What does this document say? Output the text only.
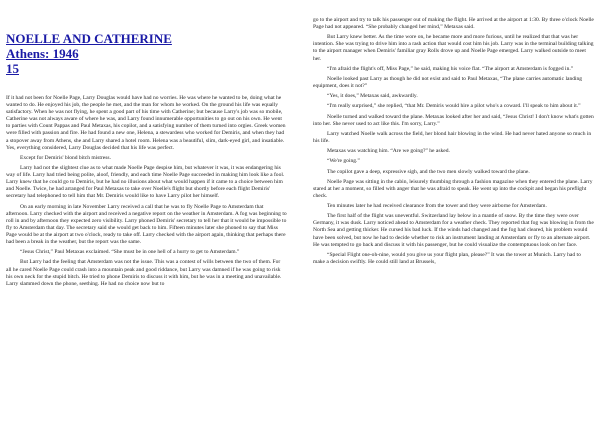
NOELLE AND CATHERINE
Athens: 1946
15

If it had not been for Noelle Page, Larry Douglas would have had no worries. He was where he wanted to be, doing what he wanted to do. He enjoyed his job, the people he met, and the man for whom he worked. On the ground his life was equally satisfactory. When he was not flying, he spent a good part of his time with Catherine; but because Larry's job was so mobile, Catherine was not always aware of where he was, and Larry found innumerable opportunities to go out on his own. He went to parties with Count Pappas and Paul Metaxas, his copilot, and a satisfying number of them turned into orgies. Greek women were filled with passion and fire. He had found a new one, Helena, a stewardess who worked for Demiris, and when they had a stopover away from Athens, she and Larry shared a hotel room. Helena was a beautiful, slim, dark-eyed girl, and insatiable. Yes, everything considered, Larry Douglas decided that his life was perfect.

Except for Demiris' blond bitch mistress.

Larry had not the slightest clue as to what made Noelle Page despise him, but whatever it was, it was endangering his way of life. Larry had tried being polite, aloof, friendly, and each time Noelle Page succeeded in making him look like a fool. Larry knew that he could go to Demiris, but he had no illusions about what would happen if it came to a choice between him and Noelle. Twice, he had arranged for Paul Metaxas to take over Noelle's flight but shortly before each flight Demiris' secretary had telephoned to tell him that Mr. Demiris would like to have Larry pilot her himself.

On an early morning in late November Larry received a call that he was to fly Noelle Page to Amsterdam that afternoon. Larry checked with the airport and received a negative report on the weather in Amsterdam. A fog was beginning to roll in and by afternoon they expected zero visibility. Larry phoned Demiris' secretary to tell her that it would be impossible to fly to Amsterdam that day. The secretary said she would get back to him. Fifteen minutes later she phoned to say that Miss Page would be at the airport at two o'clock, ready to take off. Larry checked with the airport again, thinking that perhaps there had been a break in the weather, but the report was the same.

“Jesus Christ,” Paul Metaxas exclaimed. “She must be in one hell of a hurry to get to Amsterdam.”

But Larry had the feeling that Amsterdam was not the issue. This was a contest of wills between the two of them. For all he cared Noelle Page could crash into a mountain peak and good riddance, but Larry was damned if he was going to risk his own neck for the stupid bitch. He tried to phone Demiris to discuss it with him, but he was in a meeting and unavailable. Larry slammed down the phone, seething. He had no choice now but to

go to the airport and try to talk his passenger out of making the flight. He arrived at the airport at 1:30. By three o'clock Noelle Page had not appeared. “She probably changed her mind,” Metaxas said.

But Larry knew better. As the time wore on, he became more and more furious, until he realized that that was her intention. She was trying to drive him into a rash action that would cost him his job. Larry was in the terminal building talking to the airport manager when Demiris' familiar gray Rolls drove up and Noelle Page emerged. Larry walked outside to meet her.

“I'm afraid the flight's off, Miss Page,” he said, making his voice flat. “The airport at Amsterdam is fogged in.”

Noelle looked past Larry as though he did not exist and said to Paul Metaxas, “The plane carries automatic landing equipment, does it not?”

“Yes, it does,” Metaxas said, awkwardly.

“I'm really surprised,” she replied, “that Mr. Demiris would hire a pilot who's a coward. I'll speak to him about it.”

Noelle turned and walked toward the plane. Metaxas looked after her and said, “Jesus Christ! I don't know what's gotten into her. She never used to act like this. I'm sorry, Larry.”

Larry watched Noelle walk across the field, her blond hair blowing in the wind. He had never hated anyone so much in his life.

Metaxas was watching him. “Are we going?” he asked.

“We're going.”

The copilot gave a deep, expressive sigh, and the two men slowly walked toward the plane.

Noelle Page was sitting in the cabin, leisurely thumbing through a fashion magazine when they entered the plane. Larry stared at her a moment, so filled with anger that he was afraid to speak. He went up into the cockpit and began his preflight check.

Ten minutes later he had received clearance from the tower and they were airborne for Amsterdam.

The first half of the flight was uneventful. Switzerland lay below in a mantle of snow. By the time they were over Germany, it was dusk. Larry noticed ahead to Amsterdam for a weather check. They reported that fog was blowing in from the North Sea and getting thicker. He cursed his bad luck. If the winds had changed and the fog had cleared, his problem would have been solved, but now he had to decide whether to risk an instrument landing at Amsterdam or fly to an alternate airport. He was tempted to go back and discuss it with his passenger, but he could visualize the contemptuous look on her face.

“Special Flight one-oh-nine, would you give us your flight plan, please?” It was the tower at Munich. Larry had to make a decision swiftly. He could still land at Brussels,
